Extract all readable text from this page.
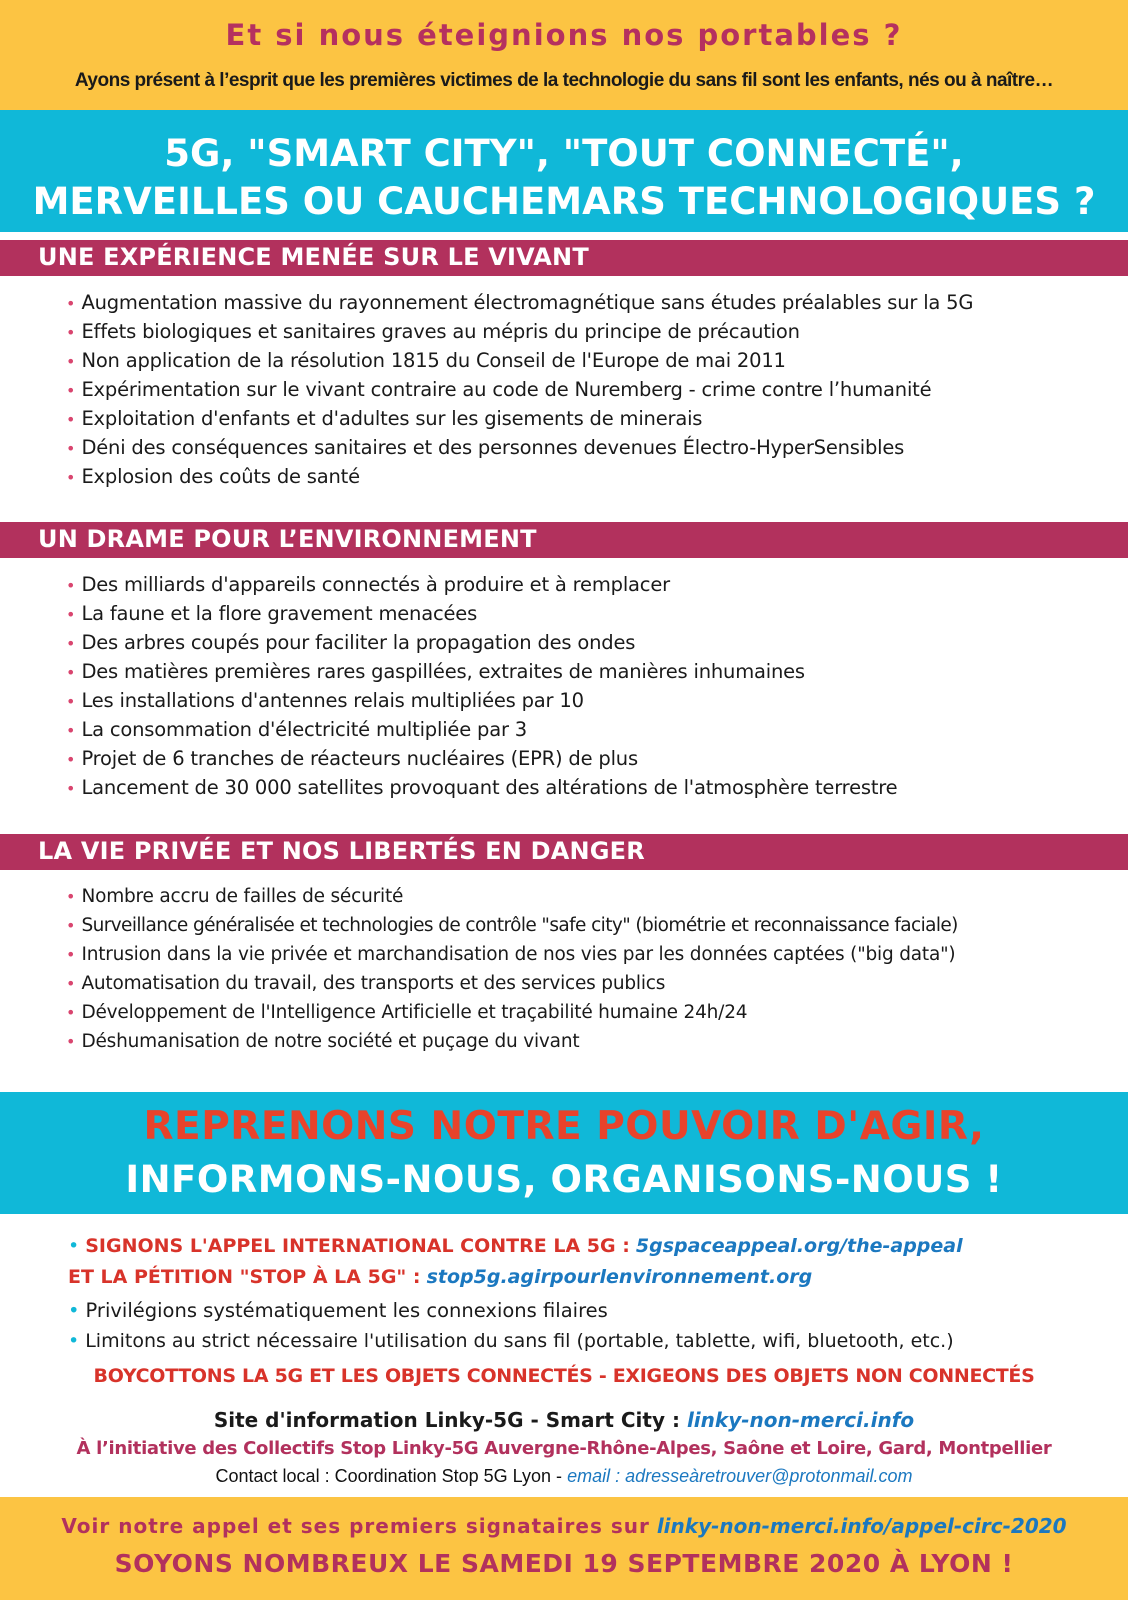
Et si nous éteignions nos portables ?
Ayons présent à l’esprit que les premières victimes de la technologie du sans fil sont les enfants, nés ou à naître…
5G, "SMART CITY", "TOUT CONNECTÉ",
MERVEILLES OU CAUCHEMARS TECHNOLOGIQUES ?
UNE EXPÉRIENCE MENÉE SUR LE VIVANT
• Augmentation massive du rayonnement électromagnétique sans études préalables sur la 5G
• Effets biologiques et sanitaires graves au mépris du principe de précaution
• Non application de la résolution 1815 du Conseil de l'Europe de mai 2011
• Expérimentation sur le vivant contraire au code de Nuremberg - crime contre l’humanité
• Exploitation d'enfants et d'adultes sur les gisements de minerais
• Déni des conséquences sanitaires et des personnes devenues Électro-HyperSensibles
• Explosion des coûts de santé
UN DRAME POUR L’ENVIRONNEMENT
• Des milliards d'appareils connectés à produire et à remplacer
• La faune et la flore gravement menacées
• Des arbres coupés pour faciliter la propagation des ondes
• Des matières premières rares gaspillées, extraites de manières inhumaines
• Les installations d'antennes relais multipliées par 10
• La consommation d'électricité multipliée par 3
• Projet de 6 tranches de réacteurs nucléaires (EPR) de plus
• Lancement de 30 000 satellites provoquant des altérations de l'atmosphère terrestre
LA VIE PRIVÉE ET NOS LIBERTÉS EN DANGER
• Nombre accru de failles de sécurité
• Surveillance généralisée et technologies de contrôle "safe city" (biométrie et reconnaissance faciale)
• Intrusion dans la vie privée et marchandisation de nos vies par les données captées ("big data")
• Automatisation du travail, des transports et des services publics
• Développement de l'Intelligence Artificielle et traçabilité humaine 24h/24
• Déshumanisation de notre société et puçage du vivant
REPRENONS NOTRE POUVOIR D'AGIR,
INFORMONS-NOUS, ORGANISONS-NOUS !
• SIGNONS L'APPEL INTERNATIONAL CONTRE LA 5G : 5gspaceappeal.org/the-appeal
ET LA PÉTITION "STOP À LA 5G" : stop5g.agirpourlenvironnement.org
• Privilégions systématiquement les connexions filaires
• Limitons au strict nécessaire l'utilisation du sans fil (portable, tablette, wifi, bluetooth, etc.)
BOYCOTTONS LA 5G ET LES OBJETS CONNECTÉS - EXIGEONS DES OBJETS NON CONNECTÉS
Site d'information Linky-5G - Smart City : linky-non-merci.info
À l’initiative des Collectifs Stop Linky-5G Auvergne-Rhône-Alpes, Saône et Loire, Gard, Montpellier
Contact local : Coordination Stop 5G Lyon - email : adresseàretrouver@protonmail.com
Voir notre appel et ses premiers signataires sur linky-non-merci.info/appel-circ-2020
SOYONS NOMBREUX LE SAMEDI 19 SEPTEMBRE 2020 À LYON !
